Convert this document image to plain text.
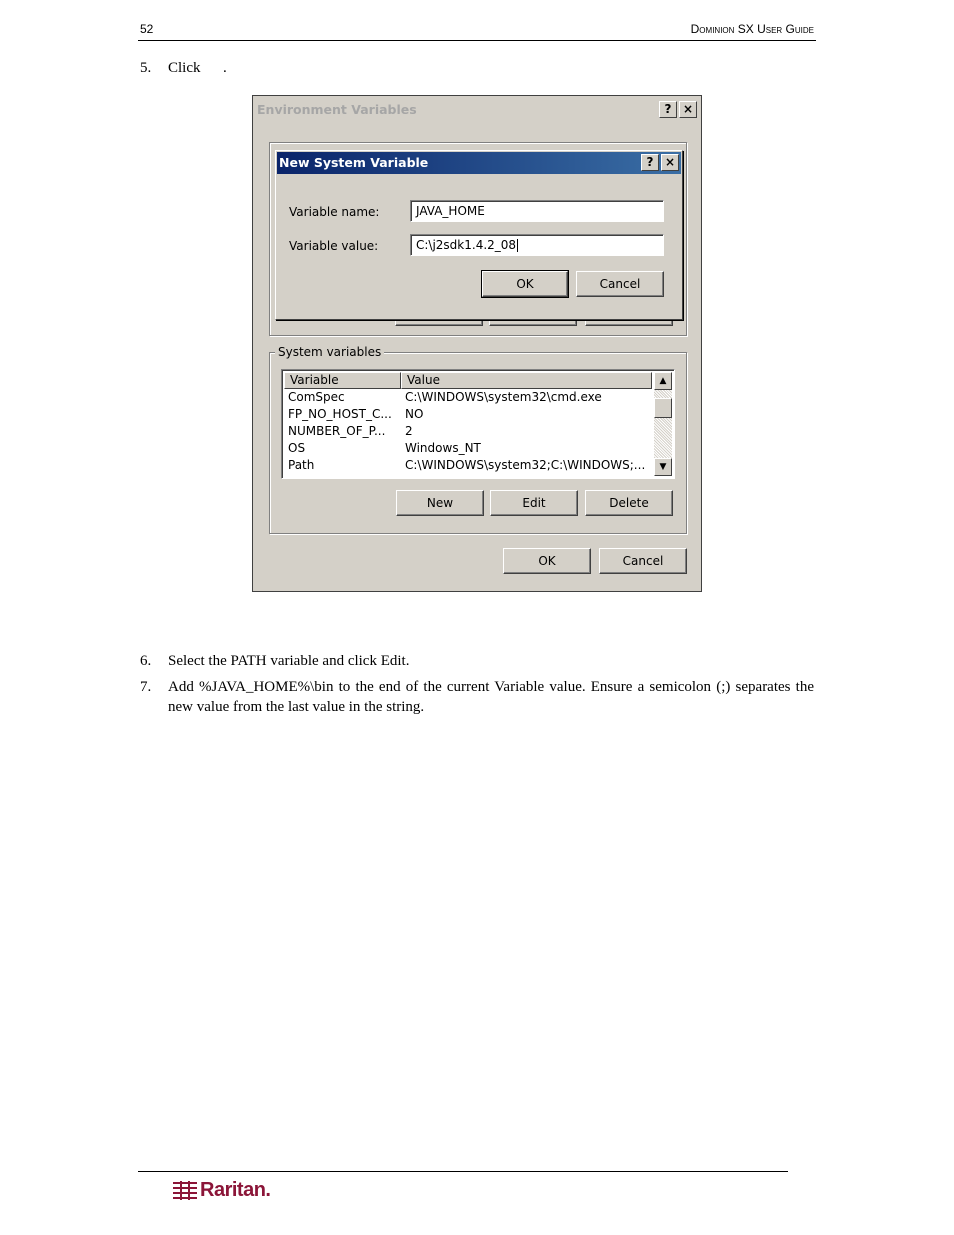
52	Dominion SX User Guide
5.	Click      .
Environment Variables	? ×
New System Variable	? ×
Variable name:	JAVA_HOME
Variable value:	C:\j2sdk1.4.2_08
OK	Cancel
System variables
Variable	Value
ComSpec	C:\WINDOWS\system32\cmd.exe
FP_NO_HOST_C... NO
NUMBER_OF_P... 2
OS	Windows_NT
Path	C:\WINDOWS\system32;C:\WINDOWS;...
▲
▼
New	Edit	Delete
OK	Cancel
6.	Select the PATH variable and click Edit.
7.	Add %JAVA_HOME%\bin to the end of the current Variable value. Ensure a semicolon (;) separates the new value from the last value in the string.
Raritan.
